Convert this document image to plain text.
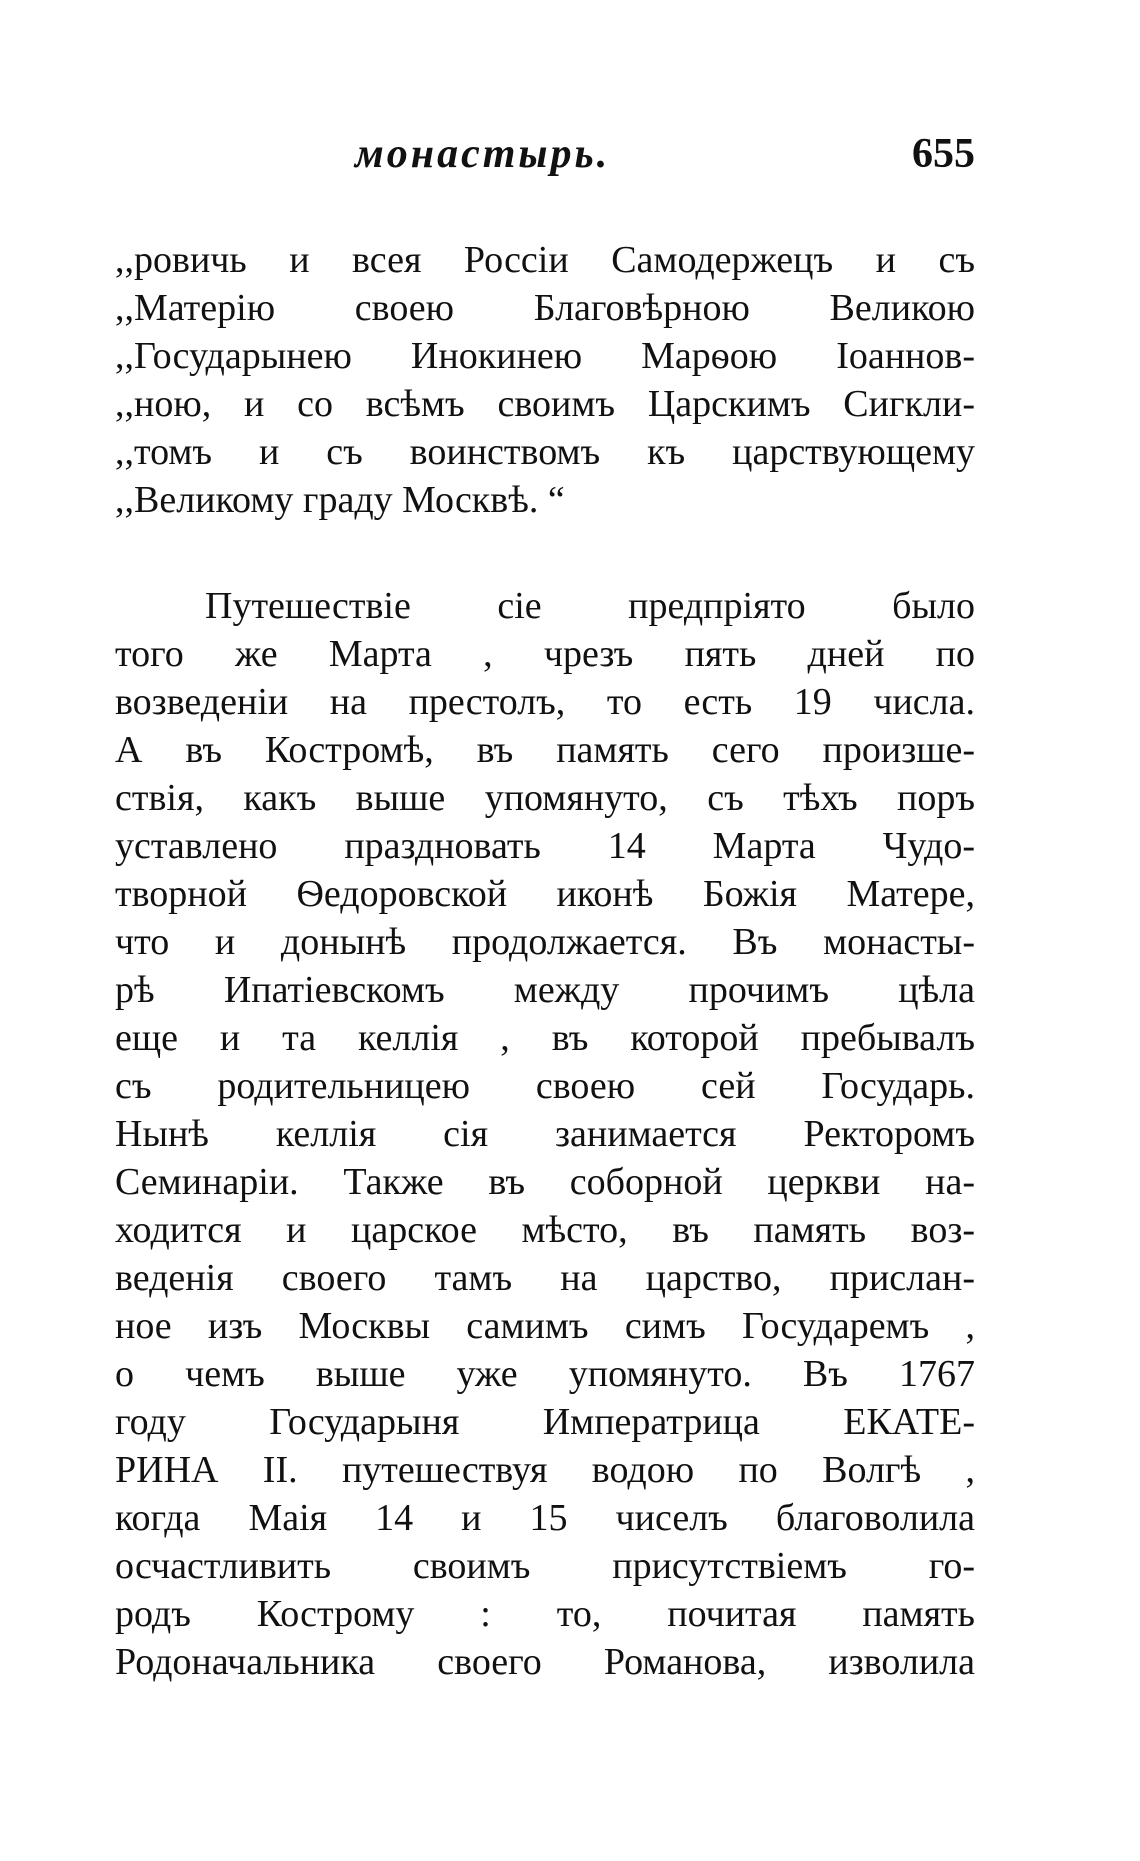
монастырь.	655
,,ровичь и всея Россіи Самодержецъ и съ
,,Матерію своею Благовѣрною Великою
,,Государынею Инокинею Марѳою Іоаннов-
,,ною, и со всѣмъ своимъ Царскимъ Сигкли-
,,томъ и съ воинствомъ къ царствующему
,,Великому граду Москвѣ. “
Путешествіе сіе предпріято было
того же Марта , чрезъ пять дней по
возведеніи на престолъ, то есть 19 числа.
А въ Костромѣ, въ память сего произше-
ствія, какъ выше упомянуто, съ тѣхъ поръ
уставлено праздновать 14 Марта Чудо-
творной Ѳедоровской иконѣ Божія Матере,
что и донынѣ продолжается. Въ монасты-
рѣ Ипатіевскомъ между прочимъ цѣла
еще и та келлія , въ которой пребывалъ
съ родительницею своею сей Государь.
Нынѣ келлія сія занимается Ректоромъ
Семинаріи. Также въ соборной церкви на-
ходится и царское мѣсто, въ память воз-
веденія своего тамъ на царство, прислан-
ное изъ Москвы самимъ симъ Государемъ ,
о чемъ выше уже упомянуто. Въ 1767
году Государыня Императрица ЕКАТЕ-
РИНА II. путешествуя водою по Волгѣ ,
когда Маія 14 и 15 чиселъ благоволила
осчастливить своимъ присутствіемъ го-
родъ Кострому : то, почитая память
Родоначальника своего Романова, изволила
